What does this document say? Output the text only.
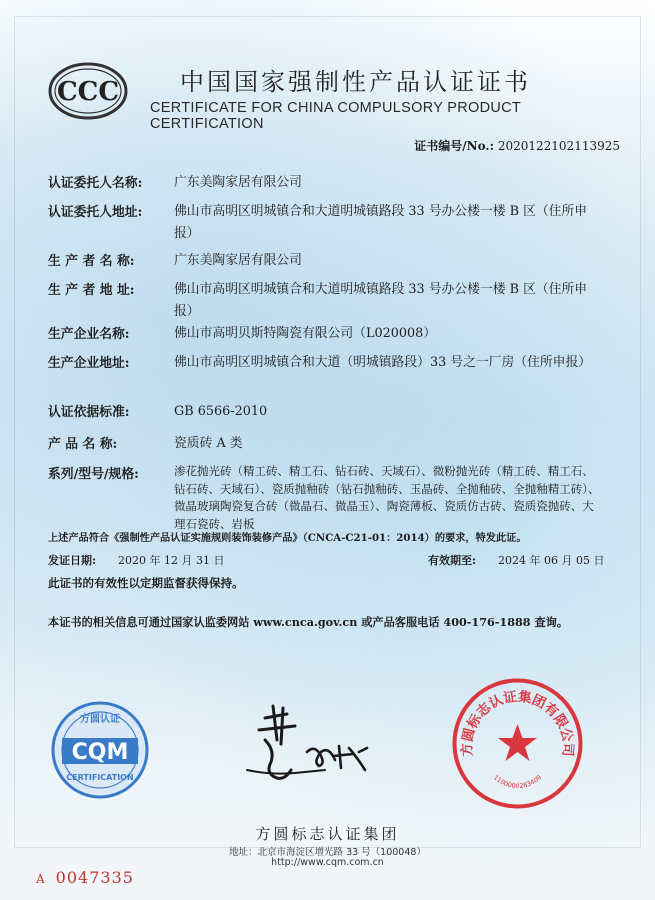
CCC	中国国家强制性产品认证证书
CERTIFICATE FOR CHINA COMPULSORY PRODUCT CERTIFICATION
证书编号/No.: 2020122102113925
认证委托人名称:	广东美陶家居有限公司
认证委托人地址:	佛山市高明区明城镇合和大道明城镇路段 33 号办公楼一楼 B 区（住所申报）
生 产 者 名 称:	广东美陶家居有限公司
生 产 者 地 址:	佛山市高明区明城镇合和大道明城镇路段 33 号办公楼一楼 B 区（住所申报）
生产企业名称:	佛山市高明贝斯特陶瓷有限公司（L020008）
生产企业地址:	佛山市高明区明城镇合和大道（明城镇路段）33 号之一厂房（住所申报）
认证依据标准:	GB 6566-2010
产 品 名 称:	瓷质砖 A 类
系列/型号/规格:	渗花抛光砖（精工砖、精工石、钻石砖、天域石）、微粉抛光砖（精工砖、精工石、钻石砖、天域石）、瓷质抛釉砖（钻石抛釉砖、玉晶砖、全抛釉砖、全抛釉精工砖）、微晶玻璃陶瓷复合砖（微晶石、微晶玉）、陶瓷薄板、瓷质仿古砖、瓷质瓷抛砖、大理石瓷砖、岩板
上述产品符合《强制性产品认证实施规则装饰装修产品》（CNCA-C21-01：2014）的要求，特发此证。
发证日期: 2020 年 12 月 31 日	有效期至: 2024 年 06 月 05 日
此证书的有效性以定期监督获得保持。
本证书的相关信息可通过国家认监委网站 www.cnca.gov.cn 或产品客服电话 400-176-1888 查询。
方圆认证
CQM
CERTIFICATION
方圆标志认证集团有限公司
1100000283409
方圆标志认证集团
地址：北京市海淀区增光路 33 号（100048）
http://www.cqm.com.cn
A 0047335
